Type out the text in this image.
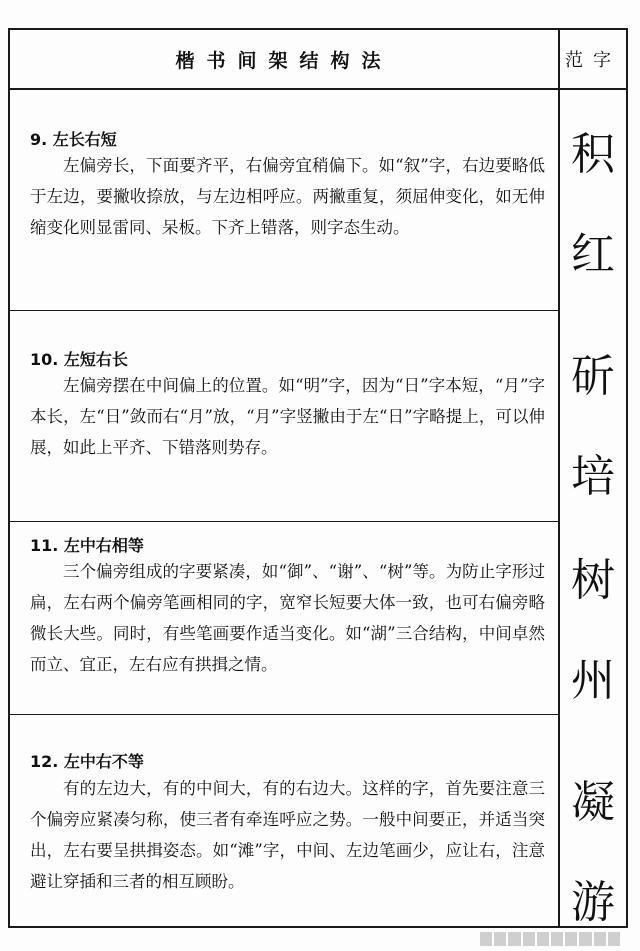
楷书间架结构法	范字
9. 左长右短
左偏旁长，下面要齐平，右偏旁宜稍偏下。如“叙”字，右边要略低于左边，要撇收捺放，与左边相呼应。两撇重复，须屈伸变化，如无伸缩变化则显雷同、呆板。下齐上错落，则字态生动。
10. 左短右长
左偏旁摆在中间偏上的位置。如“明”字，因为“日”字本短，“月”字本长，左“日”敛而右“月”放，“月”字竖撇由于左“日”字略提上，可以伸展，如此上平齐、下错落则势存。
11. 左中右相等
三个偏旁组成的字要紧凑，如“御”、“谢”、“树”等。为防止字形过扁，左右两个偏旁笔画相同的字，宽窄长短要大体一致，也可右偏旁略微长大些。同时，有些笔画要作适当变化。如“湖”三合结构，中间卓然而立、宜正，左右应有拱揖之情。
12. 左中右不等
有的左边大，有的中间大，有的右边大。这样的字，首先要注意三个偏旁应紧凑匀称，使三者有牵连呼应之势。一般中间要正，并适当突出，左右要呈拱揖姿态。如“滩”字，中间、左边笔画少，应让右，注意避让穿插和三者的相互顾盼。
积
红
斫
培
树
州
凝
游
